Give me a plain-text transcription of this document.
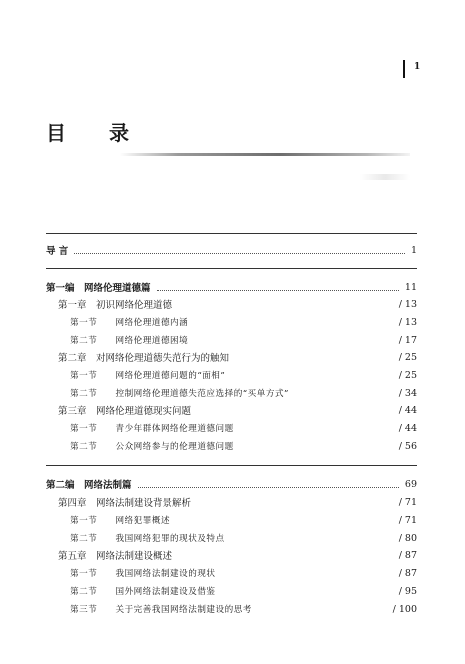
1
目 录
导 言	1
第一编　网络伦理道德篇	11
第一章　初识网络伦理道德	/ 13
第一节　　网络伦理道德内涵	/ 13
第二节　　网络伦理道德困境	/ 17
第二章　对网络伦理道德失范行为的触知	/ 25
第一节　　网络伦理道德问题的“面相”	/ 25
第二节　　控制网络伦理道德失范应选择的“买单方式”	/ 34
第三章　网络伦理道德现实问题	/ 44
第一节　　青少年群体网络伦理道德问题	/ 44
第二节　　公众网络参与的伦理道德问题	/ 56
第二编　网络法制篇	69
第四章　网络法制建设背景解析	/ 71
第一节　　网络犯罪概述	/ 71
第二节　　我国网络犯罪的现状及特点	/ 80
第五章　网络法制建设概述	/ 87
第一节　　我国网络法制建设的现状	/ 87
第二节　　国外网络法制建设及借鉴	/ 95
第三节　　关于完善我国网络法制建设的思考	/ 100
